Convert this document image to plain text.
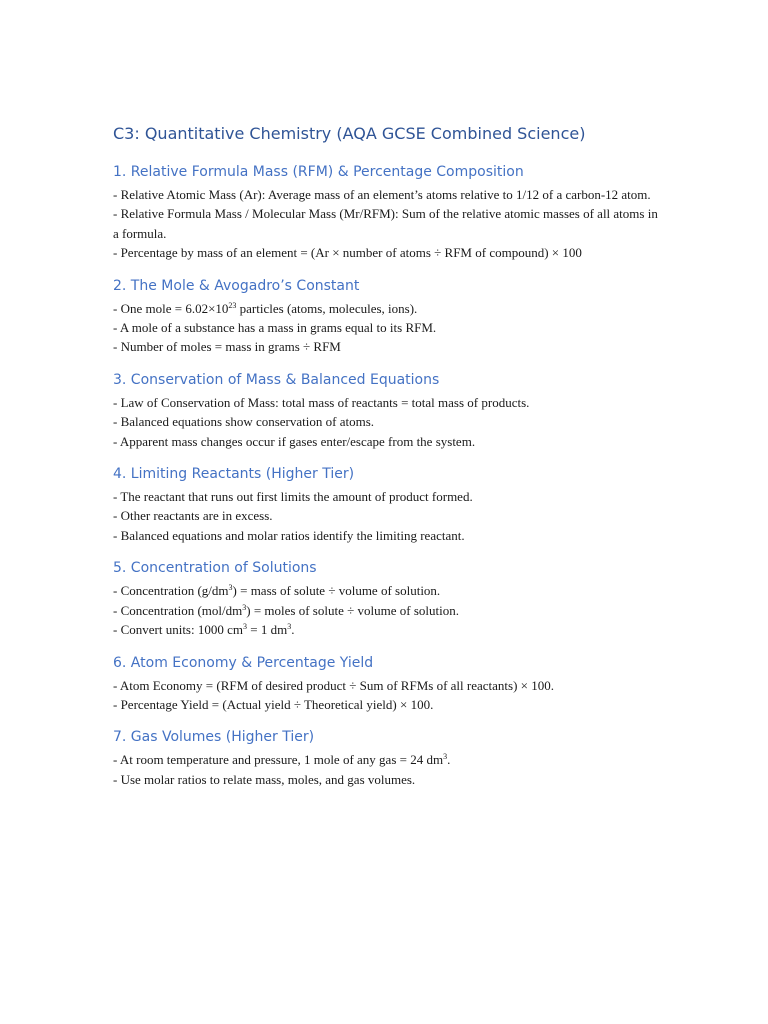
C3: Quantitative Chemistry (AQA GCSE Combined Science)
1. Relative Formula Mass (RFM) & Percentage Composition

- Relative Atomic Mass (Ar): Average mass of an element’s atoms relative to 1/12 of a carbon-12 atom.

- Relative Formula Mass / Molecular Mass (Mr/RFM): Sum of the relative atomic masses of all atoms in a formula.

- Percentage by mass of an element = (Ar × number of atoms ÷ RFM of compound) × 100

2. The Mole & Avogadro’s Constant

- One mole = $6.02\times 10^{23}$ particles (atoms, molecules, ions).

- A mole of a substance has a mass in grams equal to its RFM.

- Number of moles = mass in grams ÷ RFM

3. Conservation of Mass & Balanced Equations

- Law of Conservation of Mass: total mass of reactants = total mass of products.

- Balanced equations show conservation of atoms.

- Apparent mass changes occur if gases enter/escape from the system.

4. Limiting Reactants (Higher Tier)

- The reactant that runs out first limits the amount of product formed.

- Other reactants are in excess.

- Balanced equations and molar ratios identify the limiting reactant.

5. Concentration of Solutions

- Concentration $(g/dm^3)$ = mass of solute ÷ volume of solution.

- Concentration $(mol/dm^3)$ = moles of solute ÷ volume of solution.

- Convert units: 1000 $cm^3 = 1$ $dm^3$.

6. Atom Economy & Percentage Yield

- Atom Economy = (RFM of desired product ÷ Sum of RFMs of all reactants) × 100.

- Percentage Yield = (Actual yield ÷ Theoretical yield) × 100.

7. Gas Volumes (Higher Tier)

- At room temperature and pressure, 1 mole of any gas = 24 $dm^3$.

- Use molar ratios to relate mass, moles, and gas volumes.
